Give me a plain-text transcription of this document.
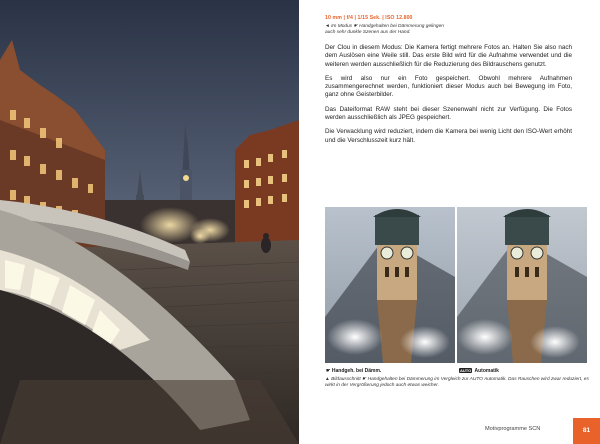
10 mm | f/4 | 1/15 Sek. | ISO 12.800
◄ Im Modus ☛ Handgehalten bei Dämmerung gelingen auch sehr dunkle Szenen aus der Hand.

Der Clou in diesem Modus: Die Kamera fertigt mehrere Fotos an. Halten Sie also nach dem Auslösen eine Weile still. Das erste Bild wird für die Aufnahme verwendet und die weiteren werden ausschließlich für die Reduzierung des Bildrauschens genutzt.

Es wird also nur ein Foto gespeichert. Obwohl mehrere Aufnahmen zusammengerechnet werden, funktioniert dieser Modus auch bei Bewegung im Foto, ganz ohne Geisterbilder.

Das Dateiformat RAW steht bei dieser Szenenwahl nicht zur Verfügung. Die Fotos werden ausschließlich als JPEG gespeichert.

Die Verwacklung wird reduziert, indem die Kamera bei wenig Licht den ISO-Wert erhöht und die Verschlusszeit kurz hält.

☛ Handgeh. bei Dämm.	AUTO Automatik
▲ Bildausschnitt ☛ Handgehalten bei Dämmerung im Vergleich zur AUTO Automatik. Das Rauschen wird zwar reduziert, es wirkt in der Vergrößerung jedoch auch etwas weicher.
Motivprogramme SCN	81
